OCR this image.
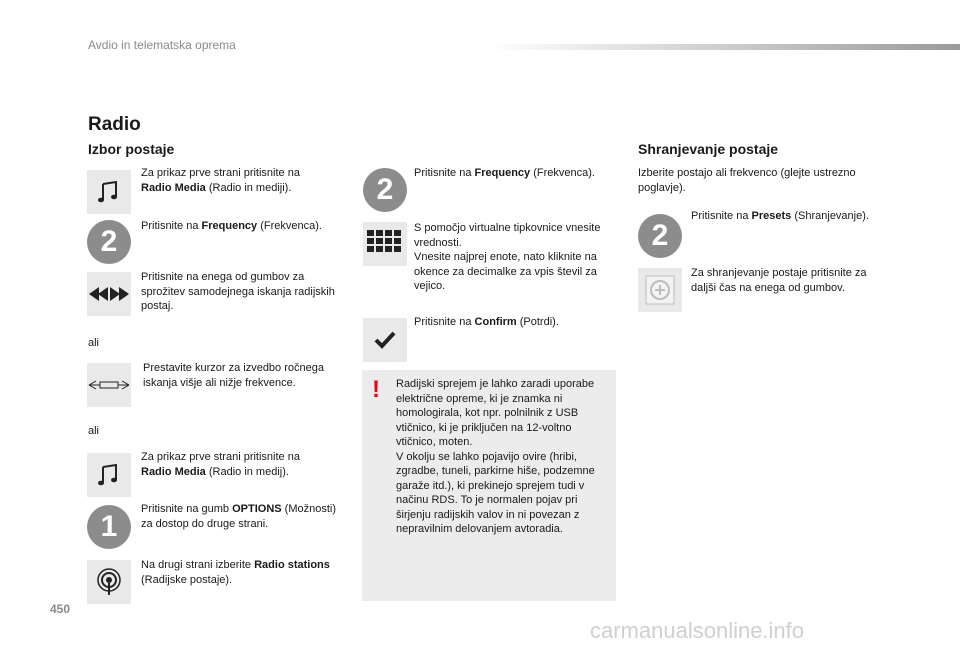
Avdio in telematska oprema
Radio
Izbor postaje	Shranjevanje postaje
Za prikaz prve strani pritisnite na Radio Media (Radio in mediji).
2	Pritisnite na Frequency (Frekvenca).
Pritisnite na enega od gumbov za sprožitev samodejnega iskanja radijskih postaj.
ali
Prestavite kurzor za izvedbo ročnega iskanja višje ali nižje frekvence.
ali
Za prikaz prve strani pritisnite na Radio Media (Radio in medij).
1
Pritisnite na gumb OPTIONS (Možnosti) za dostop do druge strani.
Na drugi strani izberite Radio stations (Radijske postaje).
2	Pritisnite na Frequency (Frekvenca).
S pomočjo virtualne tipkovnice vnesite vrednosti.
Vnesite najprej enote, nato kliknite na okence za decimalke za vpis števil za vejico.
Pritisnite na Confirm (Potrdi).
! Radijski sprejem je lahko zaradi uporabe električne opreme, ki je znamka ni homologirala, kot npr. polnilnik z USB vtičnico, ki je priključen na 12-voltno vtičnico, moten.
V okolju se lahko pojavijo ovire (hribi, zgradbe, tuneli, parkirne hiše, podzemne garaže itd.), ki prekinejo sprejem tudi v načinu RDS. To je normalen pojav pri širjenju radijskih valov in ni povezan z nepravilnim delovanjem avtoradia.
Izberite postajo ali frekvenco (glejte ustrezno poglavje).
2
Pritisnite na Presets (Shranjevanje).
Za shranjevanje postaje pritisnite za daljši čas na enega od gumbov.
450
carmanualsonline.info
